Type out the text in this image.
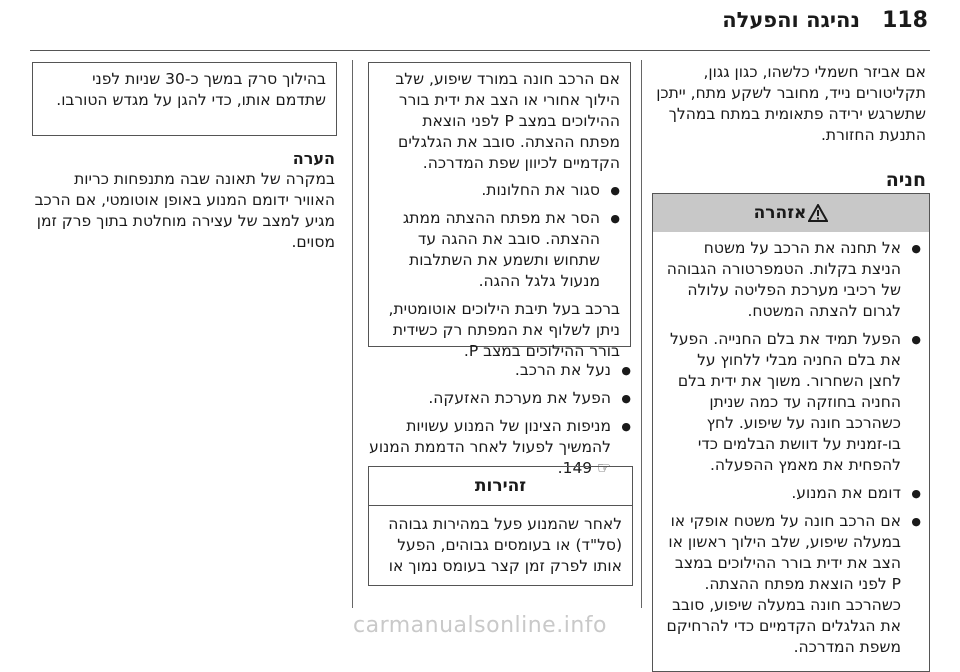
118
נהיגה והפעלה

אם אביזר חשמלי כלשהו, כגון גגון, תקליטורים נייד, מחובר לשקע מתח, ייתכן שתשרגש ירידה פתאומית במתח במהלך התנעת החזורת.

חניה

אזהרה
● אל תחנה את הרכב על משטח הניצת בקלות. הטמפרטורה הגבוהה של רכיבי מערכת הפליטה עלולה לגרום להצתה המשטח.
● הפעל תמיד את בלם החנייה. הפעל את בלם החניה מבלי ללחוץ על לחצן השחרור. משוך את ידית בלם החניה בחוזקה עד כמה שניתן כשהרכב חונה על שיפוע. לחץ בו-זמנית על דוושת הבלמים כדי להפחית את מאמץ ההפעלה.
● דומם את המנוע.
● אם הרכב חונה על משטח אופקי או במעלה שיפוע, שלב הילוך ראשון או הצב את ידית בורר ההילוכים במצב P לפני הוצאת מפתח ההצתה. כשהרכב חונה במעלה שיפוע, סובב את הגלגלים הקדמיים כדי להרחיקם משפת המדרכה.

אם הרכב חונה במורד שיפוע, שלב הילוך אחורי או הצב את ידית בורר ההילוכים במצב P לפני הוצאת מפתח ההצתה. סובב את הגלגלים הקדמיים לכיוון שפת המדרכה.

● סגור את החלונות.
● הסר את מפתח ההצתה ממתג ההצתה. סובב את ההגה עד שתחוש ותשמע את השתלבות מנעול גלגל ההגה.

ברכב בעל תיבת הילוכים אוטומטית, ניתן לשלוף את המפתח רק כשידית בורר ההילוכים במצב P.

● נעל את הרכב.
● הפעל את מערכת האזעקה.
● מניפות הצינון של המנוע עשויות להמשיך לפעול לאחר הדממת המנוע ☞ 149.
זהירות
לאחר שהמנוע פעל במהירות גבוהה (סל"ד) או בעומסים גבוהים, הפעל אותו לפרק זמן קצר בעומס נמוך או

בהילוך סרק במשך כ-30 שניות לפני שתדמם אותו, כדי להגן על מגדש הטורבו.

הערה

במקרה של תאונה שבה מתנפחות כריות האוויר ידומם המנוע באופן אוטומטי, אם הרכב מגיע למצב של עצירה מוחלטת בתוך פרק זמן מסוים.

carmanualsonline.info
